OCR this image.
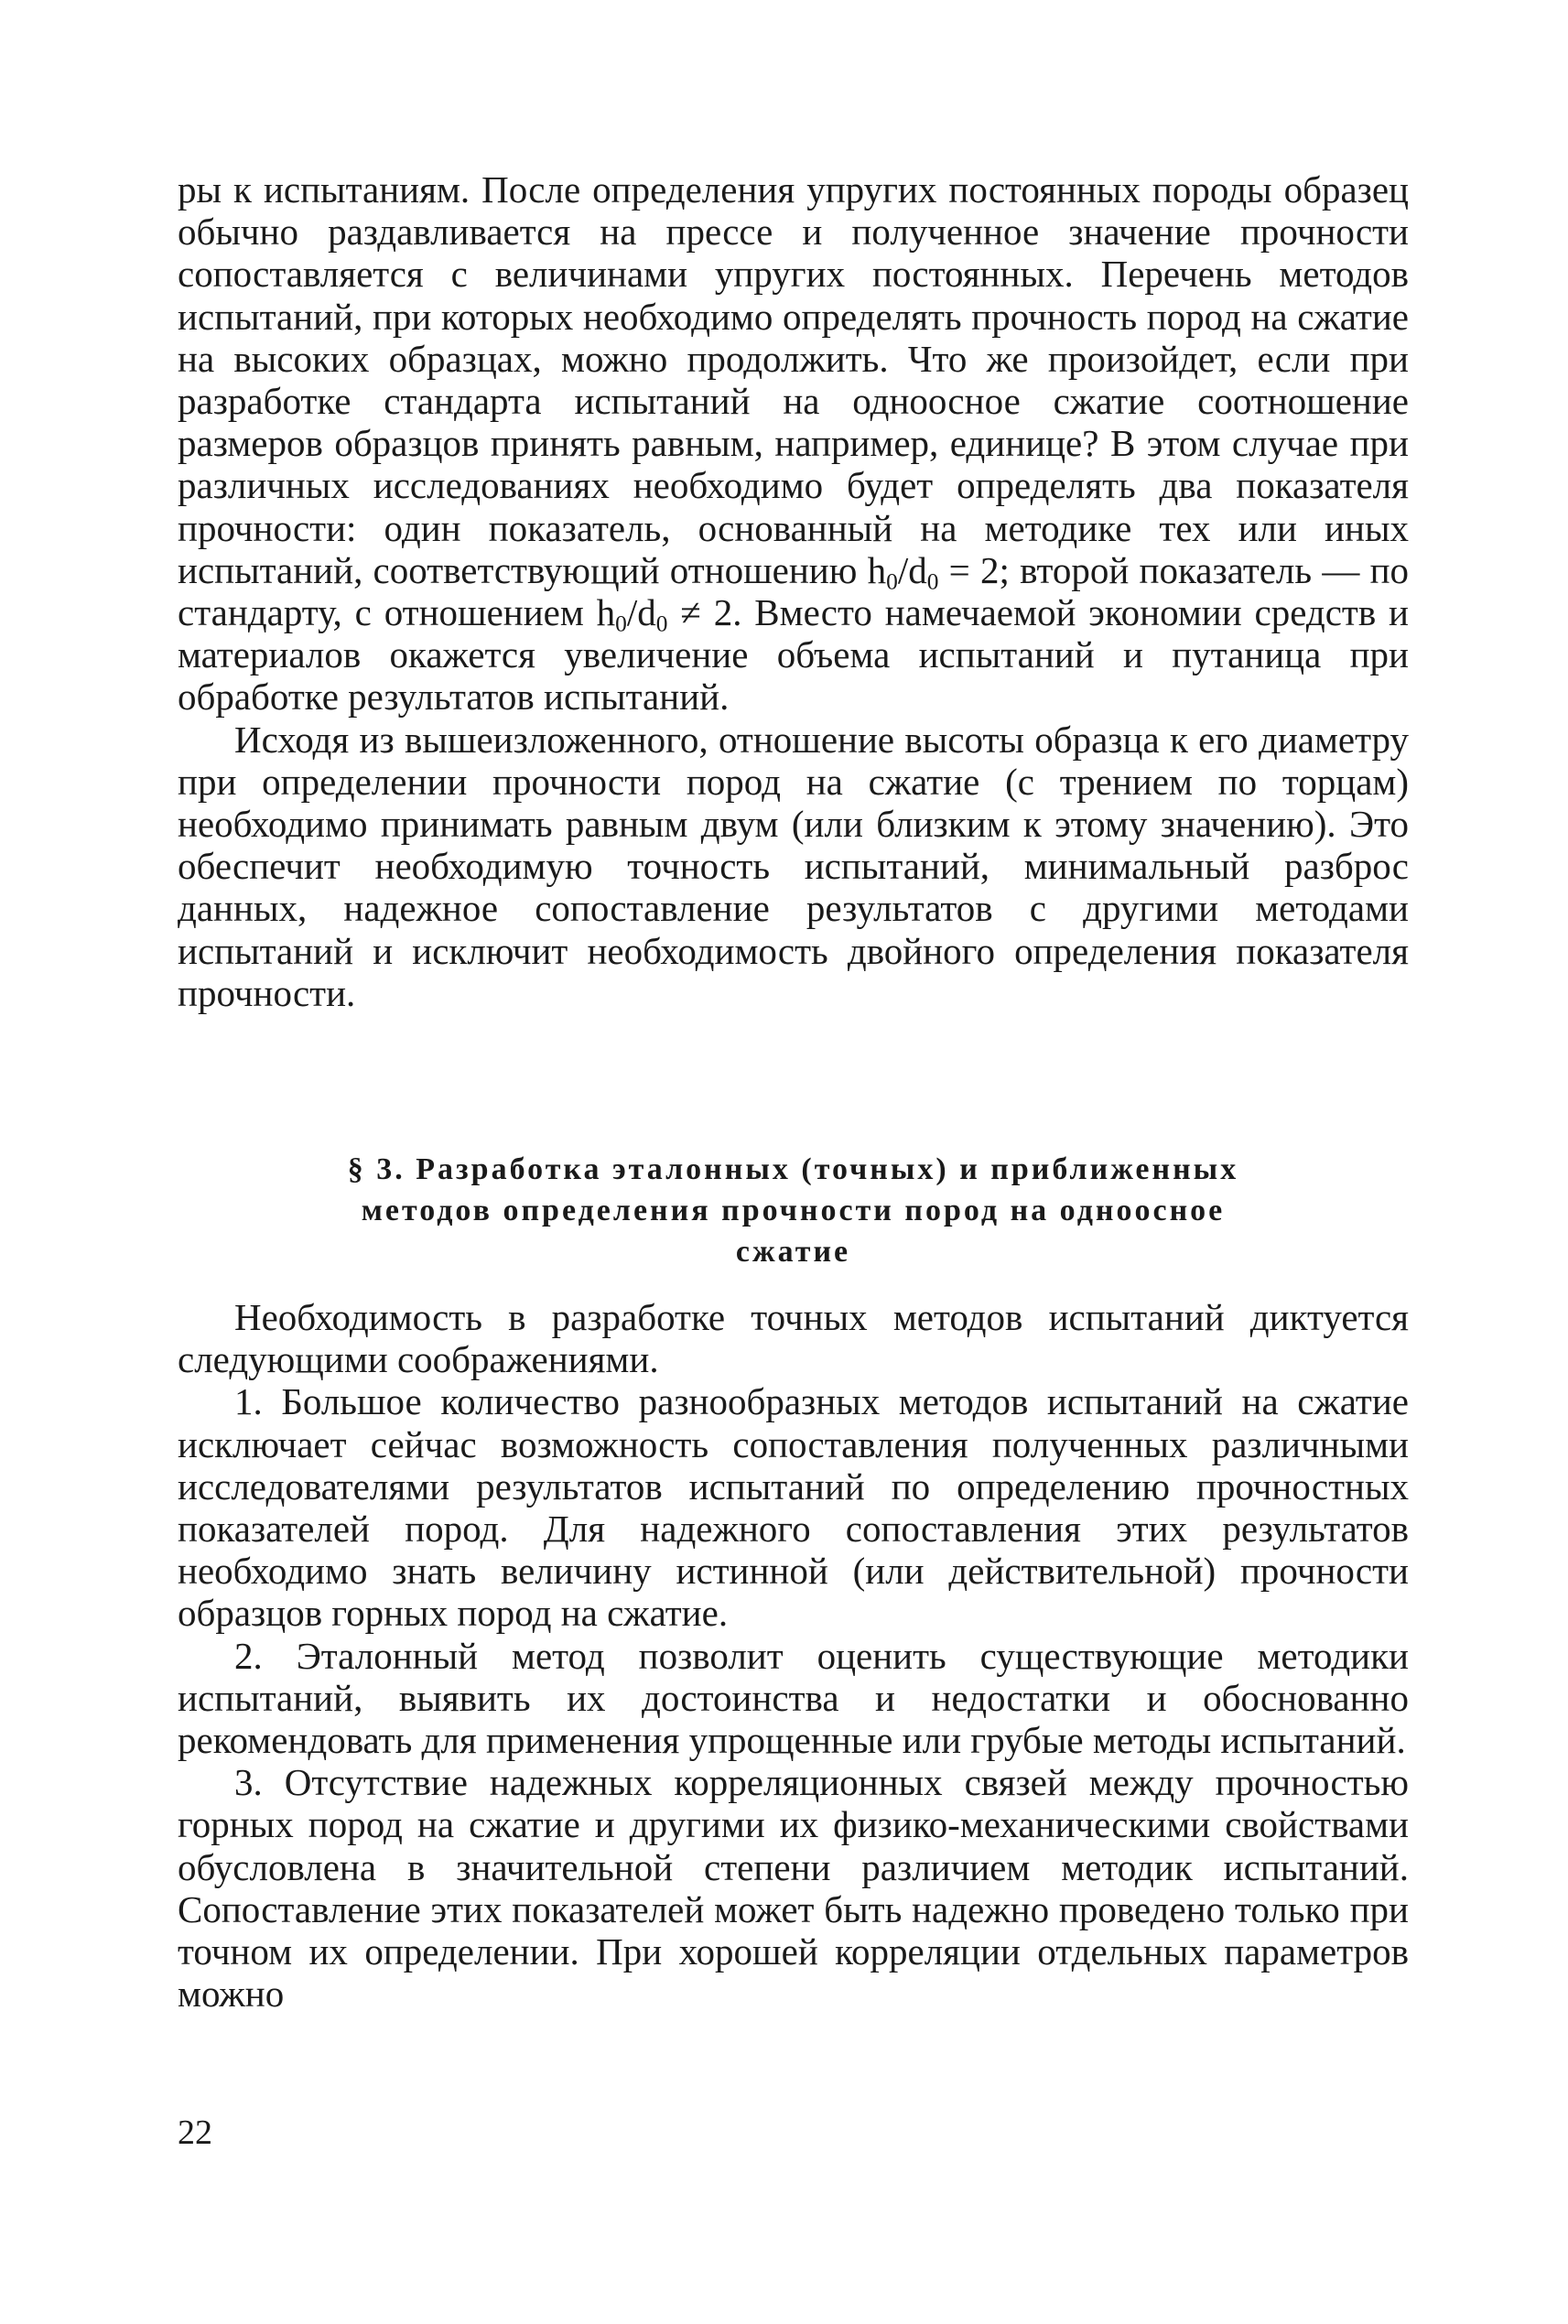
ры к испытаниям. После определения упругих постоянных породы образец обычно раздавливается на прессе и полученное значение прочности сопоставляется с величинами упругих постоянных. Перечень методов испытаний, при которых необходимо определять прочность пород на сжатие на высоких образцах, можно продолжить. Что же произойдет, если при разработке стандарта испытаний на одноосное сжатие соотношение размеров образцов принять равным, например, единице? В этом случае при различных исследованиях необходимо будет определять два показателя прочности: один показатель, основанный на методике тех или иных испытаний, соответствующий отношению $h_0/d_0 = 2$; второй показатель — по стандарту, с отношением $h_0/d_0 \ne 2$. Вместо намечаемой экономии средств и материалов окажется увеличение объема испытаний и путаница при обработке результатов испытаний.

Исходя из вышеизложенного, отношение высоты образца к его диаметру при определении прочности пород на сжатие (с трением по торцам) необходимо принимать равным двум (или близким к этому значению). Это обеспечит необходимую точность испытаний, минимальный разброс данных, надежное сопоставление результатов с другими методами испытаний и исключит необходимость двойного определения показателя прочности.

§ 3. Разработка эталонных (точных) и приближенных

методов определения прочности пород на одноосное

сжатие

Необходимость в разработке точных методов испытаний диктуется следующими соображениями.

1. Большое количество разнообразных методов испытаний на сжатие исключает сейчас возможность сопоставления полученных различными исследователями результатов испытаний по определению прочностных показателей пород. Для надежного сопоставления этих результатов необходимо знать величину истинной (или действительной) прочности образцов горных пород на сжатие.

2. Эталонный метод позволит оценить существующие методики испытаний, выявить их достоинства и недостатки и обоснованно рекомендовать для применения упрощенные или грубые методы испытаний.

3. Отсутствие надежных корреляционных связей между прочностью горных пород на сжатие и другими их физико-механическими свойствами обусловлена в значительной степени различием методик испытаний. Сопоставление этих показателей может быть надежно проведено только при точном их определении. При хорошей корреляции отдельных параметров можно

22
